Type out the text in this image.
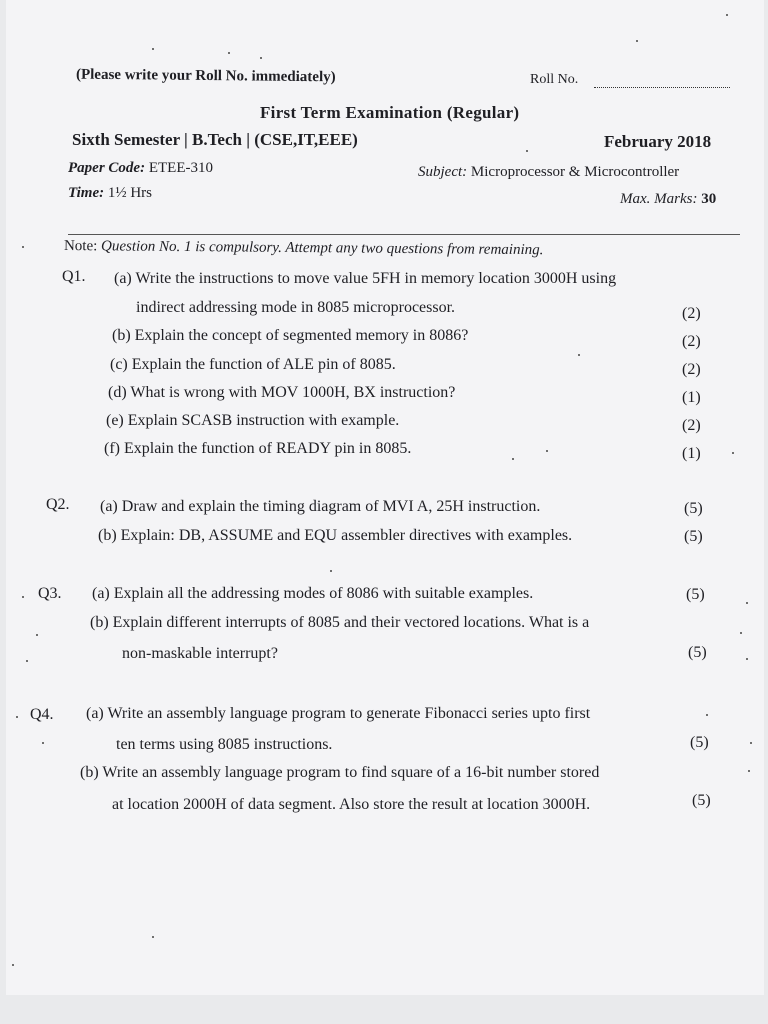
(Please write your Roll No. immediately)	Roll No.
First Term Examination (Regular)
Sixth Semester | B.Tech | (CSE,IT,EEE)	February 2018
Paper Code: ETEE-310	Subject: Microprocessor & Microcontroller
Time: 1½ Hrs	Max. Marks: 30
Note: Question No. 1 is compulsory. Attempt any two questions from remaining.
Q1. (a) Write the instructions to move value 5FH in memory location 3000H using
indirect addressing mode in 8085 microprocessor.	(2)
(b) Explain the concept of segmented memory in 8086?	(2)
(c) Explain the function of ALE pin of 8085.	(2)
(d) What is wrong with MOV 1000H, BX instruction?	(1)
(e) Explain SCASB instruction with example.	(2)
(f) Explain the function of READY pin in 8085.	(1)
Q2. (a) Draw and explain the timing diagram of MVI A, 25H instruction.	(5)
(b) Explain: DB, ASSUME and EQU assembler directives with examples.	(5)
Q3. (a) Explain all the addressing modes of 8086 with suitable examples.	(5)
(b) Explain different interrupts of 8085 and their vectored locations. What is a
non-maskable interrupt?	(5)
Q4. (a) Write an assembly language program to generate Fibonacci series upto first
ten terms using 8085 instructions.	(5)
(b) Write an assembly language program to find square of a 16-bit number stored
at location 2000H of data segment. Also store the result at location 3000H.	(5)
